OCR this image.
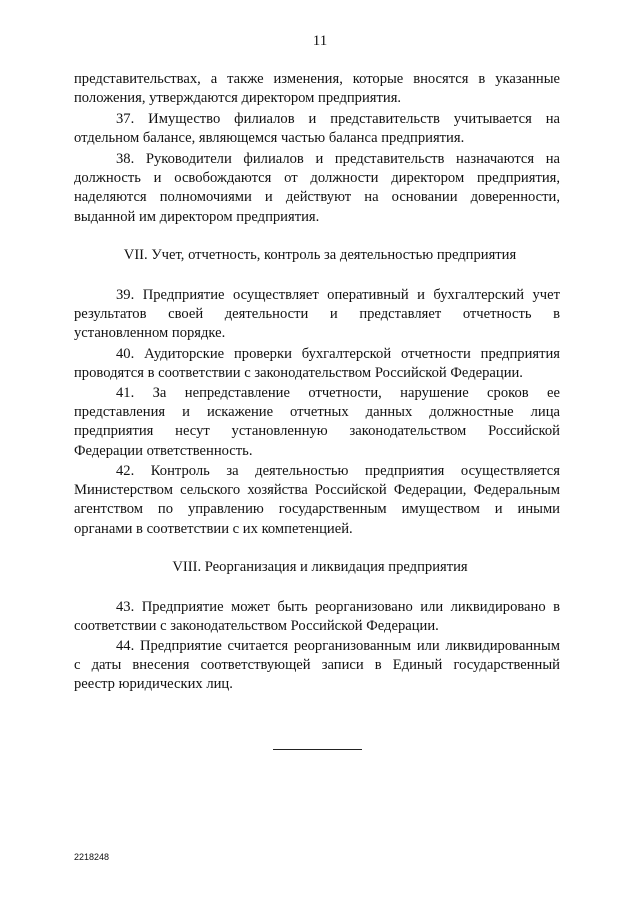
11
представительствах, а также изменения, которые вносятся в указанные
положения, утверждаются директором предприятия.
37. Имущество филиалов и представительств учитывается на
отдельном балансе, являющемся частью баланса предприятия.
38. Руководители филиалов и представительств назначаются на
должность и освобождаются от должности директором предприятия,
наделяются полномочиями и действуют на основании доверенности,
выданной им директором предприятия.
VII. Учет, отчетность, контроль за деятельностью предприятия
39. Предприятие осуществляет оперативный и бухгалтерский учет
результатов своей деятельности и представляет отчетность в
установленном порядке.
40. Аудиторские проверки бухгалтерской отчетности предприятия
проводятся в соответствии с законодательством Российской Федерации.
41. За непредставление отчетности, нарушение сроков ее
представления и искажение отчетных данных должностные лица
предприятия несут установленную законодательством Российской
Федерации ответственность.
42. Контроль за деятельностью предприятия осуществляется
Министерством сельского хозяйства Российской Федерации, Федеральным
агентством по управлению государственным имуществом и иными
органами в соответствии с их компетенцией.
VIII. Реорганизация и ликвидация предприятия
43. Предприятие может быть реорганизовано или ликвидировано в
соответствии с законодательством Российской Федерации.
44. Предприятие считается реорганизованным или ликвидированным
с даты внесения соответствующей записи в Единый государственный
реестр юридических лиц.
2218248
